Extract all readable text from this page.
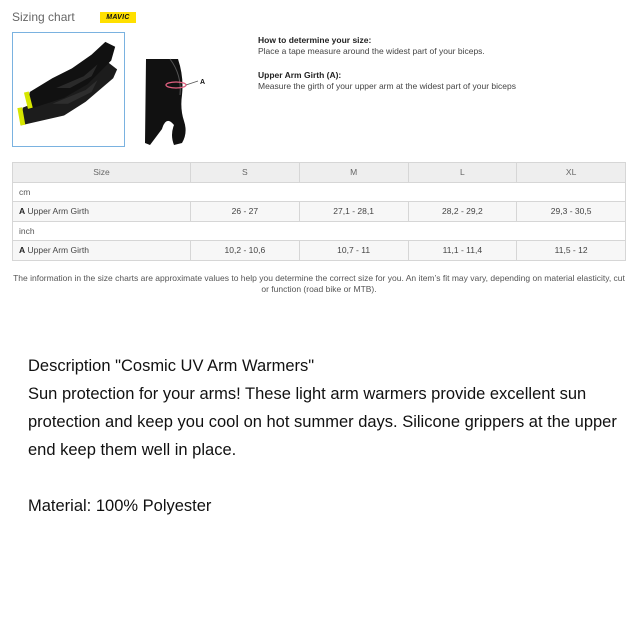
Sizing chart	MAVIC
A
How to determine your size:
Place a tape measure around the widest part of your biceps.
Upper Arm Girth (A):
Measure the girth of your upper arm at the widest part of your biceps
Size	S	M	L	XL
cm				
A Upper Arm Girth	26 - 27	27,1 - 28,1	28,2 - 29,2	29,3 - 30,5
inch				
A Upper Arm Girth	10,2 - 10,6	10,7 - 11	11,1 - 11,4	11,5 - 12
The information in the size charts are approximate values to help you determine the correct size for you. An item’s fit may vary, depending on material elasticity, cut or function (road bike or MTB).

Description "Cosmic UV Arm Warmers"

Sun protection for your arms! These light arm warmers provide excellent sun protection and keep you cool on hot summer days. Silicone grippers at the upper end keep them well in place.

Material: 100% Polyester
